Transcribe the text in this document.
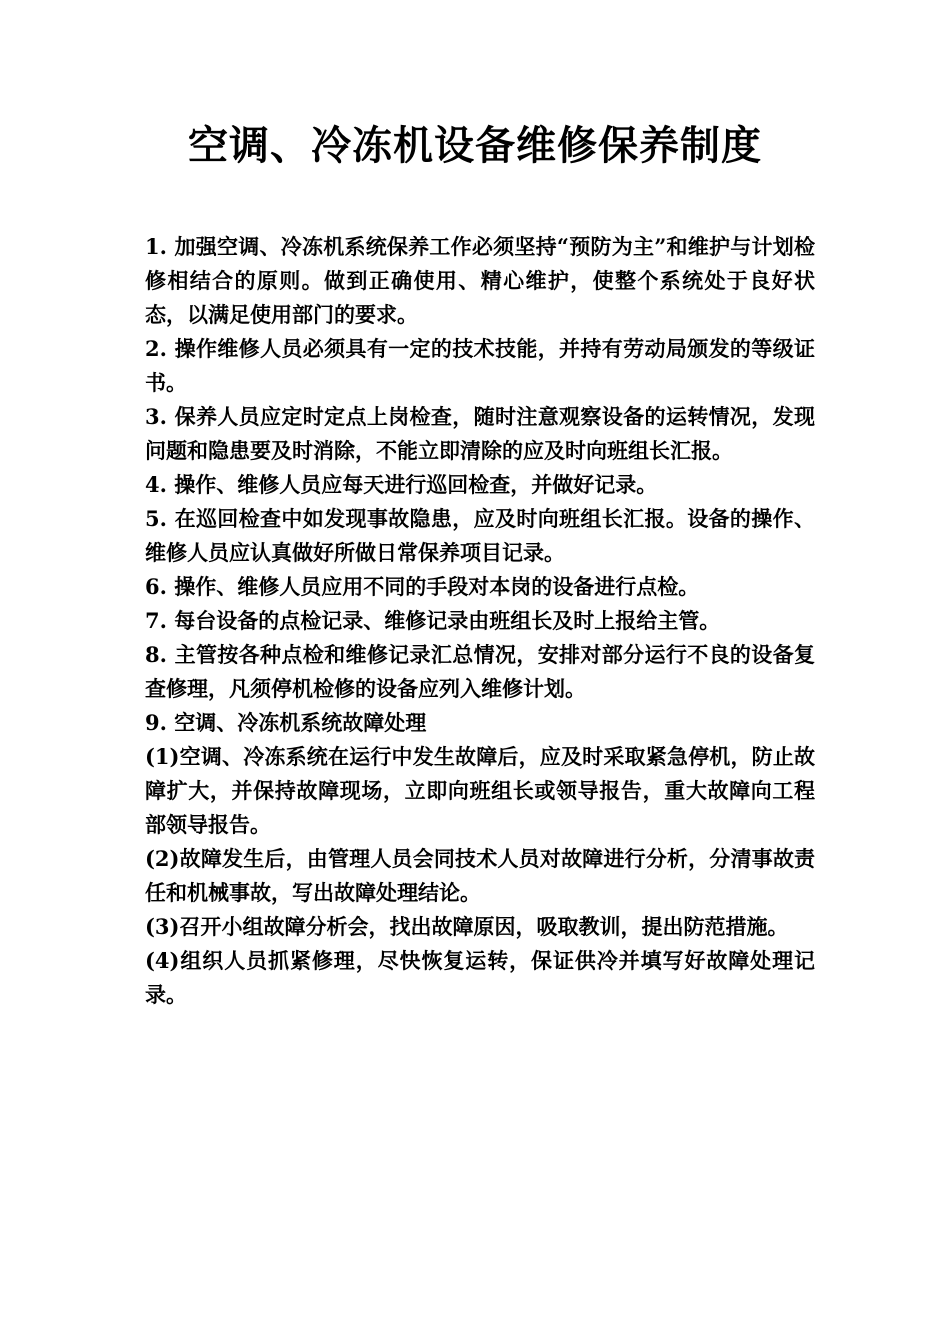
空调、冷冻机设备维修保养制度

1. 加强空调、冷冻机系统保养工作必须坚持“预防为主”和维护与计划检修相结合的原则。做到正确使用、精心维护，使整个系统处于良好状态，以满足使用部门的要求。

2. 操作维修人员必须具有一定的技术技能，并持有劳动局颁发的等级证书。

3. 保养人员应定时定点上岗检查，随时注意观察设备的运转情况，发现问题和隐患要及时消除，不能立即清除的应及时向班组长汇报。

4. 操作、维修人员应每天进行巡回检查，并做好记录。

5. 在巡回检查中如发现事故隐患，应及时向班组长汇报。设备的操作、维修人员应认真做好所做日常保养项目记录。

6. 操作、维修人员应用不同的手段对本岗的设备进行点检。

7. 每台设备的点检记录、维修记录由班组长及时上报给主管。

8. 主管按各种点检和维修记录汇总情况，安排对部分运行不良的设备复查修理，凡须停机检修的设备应列入维修计划。

9. 空调、冷冻机系统故障处理

(1)空调、冷冻系统在运行中发生故障后，应及时采取紧急停机，防止故障扩大，并保持故障现场，立即向班组长或领导报告，重大故障向工程部领导报告。

(2)故障发生后，由管理人员会同技术人员对故障进行分析，分清事故责任和机械事故，写出故障处理结论。

(3)召开小组故障分析会，找出故障原因，吸取教训，提出防范措施。

(4)组织人员抓紧修理，尽快恢复运转，保证供冷并填写好故障处理记录。
